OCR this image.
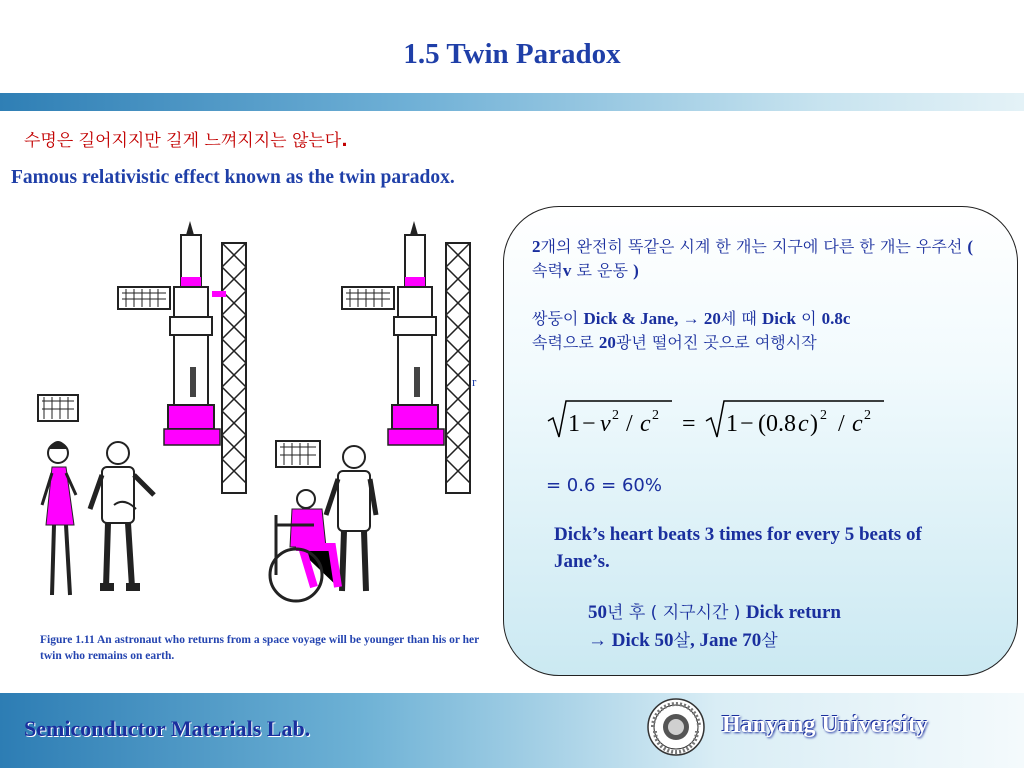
1.5 Twin Paradox
수명은 길어지지만 길게 느껴지지는 않는다.
Famous relativistic effect known as the twin paradox.
r
Figure 1.11 An astronaut who returns from a space voyage will be younger than his or her twin who remains on earth.
2개의 완전히 똑같은 시계 한 개는 지구에 다른 한 개는 우주선 ( 속력v 로 운동 )
쌍둥이 Dick & Jane, → 20세 때 Dick 이 0.8c
속력으로 20광년 떨어진 곳으로 여행시작
1 − v 2 / c 2 = 1 − (0.8 c ) 2 / c 2
= 0.6 = 60%
Dick’s heart beats 3 times for every 5 beats of Jane’s.
50년 후 ( 지구시간 ) Dick return
→ Dick 50살, Jane 70살
Semiconductor Materials Lab.	Hanyang University
